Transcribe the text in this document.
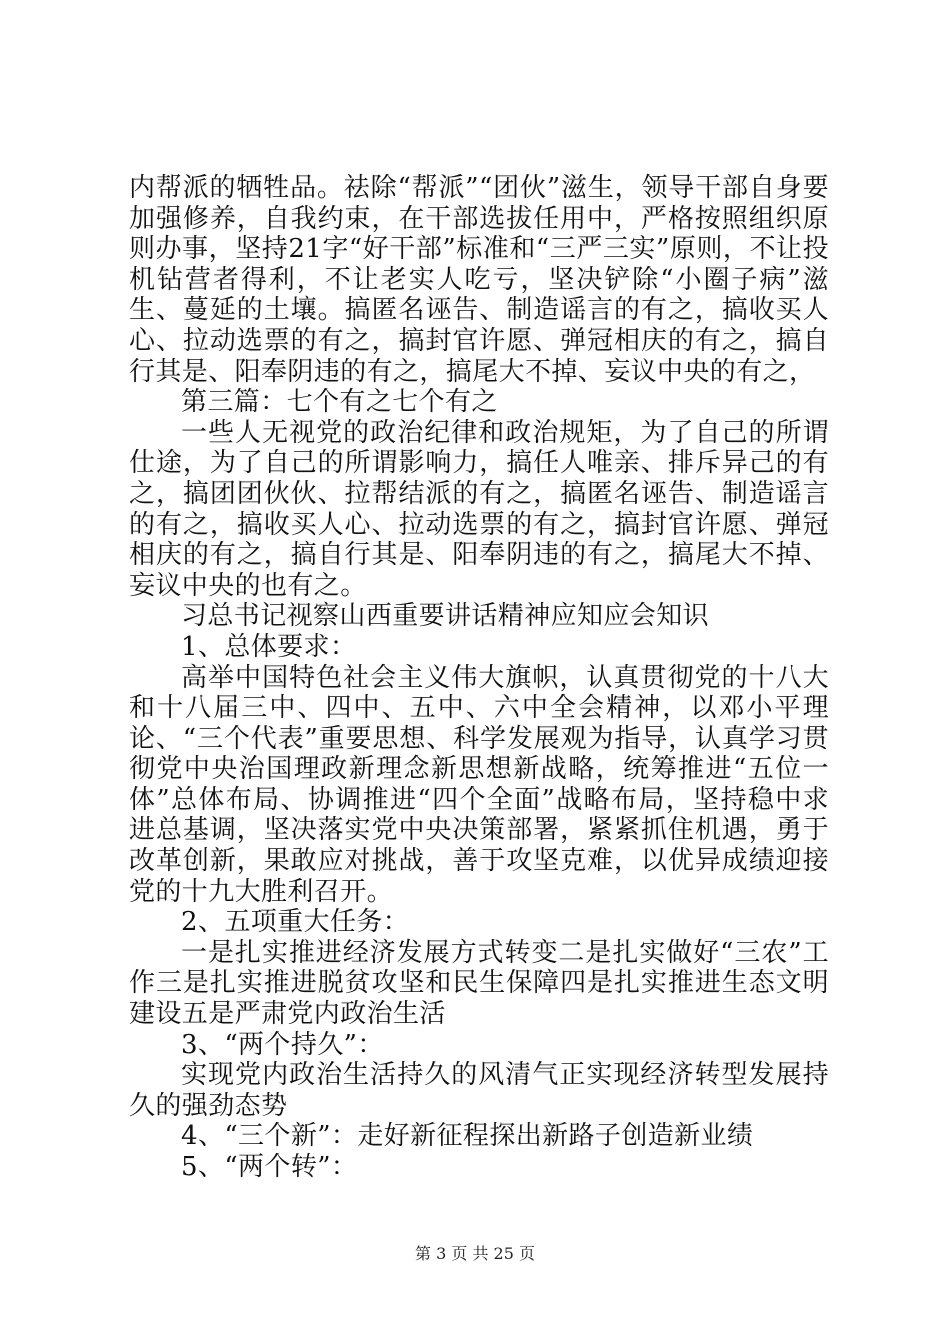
内帮派的牺牲品。祛除“帮派”“团伙”滋生，领导干部自身要加强修养，自我约束，在干部选拔任用中，严格按照组织原则办事，坚持21字“好干部”标准和“三严三实”原则，不让投机钻营者得利，不让老实人吃亏，坚决铲除“小圈子病”滋生、蔓延的土壤。搞匿名诬告、制造谣言的有之，搞收买人心、拉动选票的有之，搞封官许愿、弹冠相庆的有之，搞自行其是、阳奉阴违的有之，搞尾大不掉、妄议中央的有之，

第三篇：七个有之七个有之

一些人无视党的政治纪律和政治规矩，为了自己的所谓仕途，为了自己的所谓影响力，搞任人唯亲、排斥异己的有之，搞团团伙伙、拉帮结派的有之，搞匿名诬告、制造谣言的有之，搞收买人心、拉动选票的有之，搞封官许愿、弹冠相庆的有之，搞自行其是、阳奉阴违的有之，搞尾大不掉、妄议中央的也有之。

习总书记视察山西重要讲话精神应知应会知识

1、总体要求：

高举中国特色社会主义伟大旗帜，认真贯彻党的十八大和十八届三中、四中、五中、六中全会精神，以邓小平理论、“三个代表”重要思想、科学发展观为指导，认真学习贯彻党中央治国理政新理念新思想新战略，统筹推进“五位一体”总体布局、协调推进“四个全面”战略布局，坚持稳中求进总基调，坚决落实党中央决策部署，紧紧抓住机遇，勇于改革创新，果敢应对挑战，善于攻坚克难，以优异成绩迎接党的十九大胜利召开。

2、五项重大任务：

一是扎实推进经济发展方式转变二是扎实做好“三农”工作三是扎实推进脱贫攻坚和民生保障四是扎实推进生态文明建设五是严肃党内政治生活

3、“两个持久”：

实现党内政治生活持久的风清气正实现经济转型发展持久的强劲态势

4、“三个新”：走好新征程探出新路子创造新业绩

5、“两个转”：

第 3 页 共 25 页
